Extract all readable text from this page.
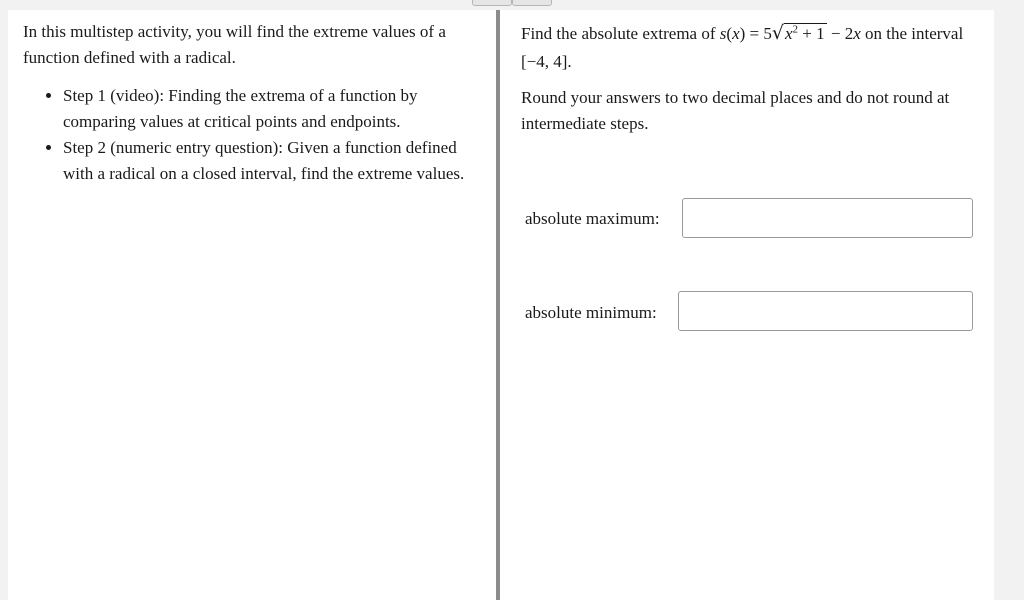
In this multistep activity, you will find the extreme values of a function defined with a radical.

• Step 1 (video): Finding the extrema of a function by comparing values at critical points and endpoints.
• Step 2 (numeric entry question): Given a function defined with a radical on a closed interval, find the extreme values.

Find the absolute extrema of $s(x) = 5√x^2 + 1 - 2x$ on the interval [−4, 4].

Round your answers to two decimal places and do not round at intermediate steps.

absolute maximum:
absolute minimum:
